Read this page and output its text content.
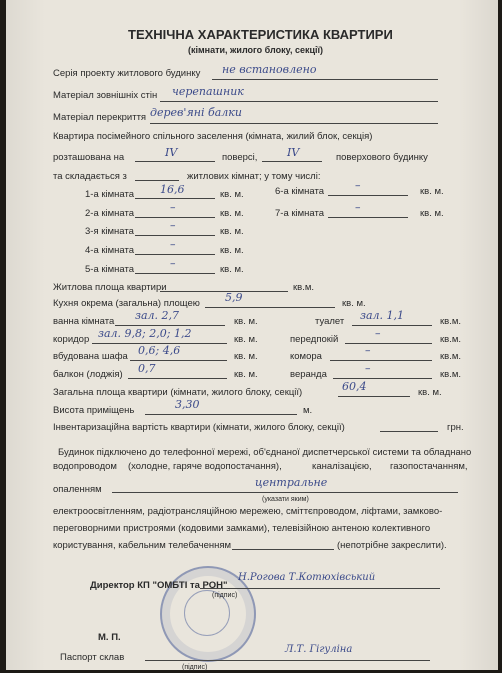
ТЕХНІЧНА ХАРАКТЕРИСТИКА КВАРТИРИ
(кімнати, жилого блоку, секції)
Серія проекту житлового будинку не встановлено
Матеріал зовнішніх стін черепашник
Матеріал перекриття дерев'яні балки
Квартира посімейного спільного заселення (кімната, жилий блок, секція)
розташована на	IV	поверсі,	IV	поверхового будинку
та складається з	житлових кімнат; у тому числі:
1-а кімната 16,6	кв. м.
2-а кімната	–	кв. м.
3-я кімната	–	кв. м.
4-а кімната	–	кв. м.
5-а кімната	–	кв. м.
6-а кімната	–	кв. м.
7-а кімната	–	кв. м.
Житлова площа квартири	кв.м.
Кухня окрема (загальна) площею 5,9	кв. м.
ванна кімната зал. 2,7	кв. м.	туалет зал. 1,1	кв.м.
коридор зал. 9,8; 2,0; 1,2	кв. м.	передпокій	–	кв.м.
вбудована шафа 0,6; 4,6	кв. м.	комора	–	кв.м.
балкон (лоджія) 0,7	кв. м.	веранда	–	кв.м.
Загальна площа квартири (кімнати, жилого блоку, секції)	60,4	кв. м.
Висота приміщень	3,30	м.
Інвентаризаційна вартість квартири (кімнати, жилого блоку, секції)	грн.
Будинок підключено до телефонної мережі, об'єднаної диспетчерської системи та обладнано
водопроводом (холодне, гаряче водопостачання),	каналізацією, газопостачанням,
опаленням
центральне
(указати яким)
електроосвітленням, радіотрансляційною мережею, сміттєпроводом, ліфтами, замково-
переговорними пристроями (кодовими замками), телевізійною антеною колективного
користування, кабельним телебаченням	(непотрібне закреслити).
Директор КП "ОМБТІ та РОН"
Н.Рогова Т.Котюхівський
(підпис)
М. П.
Паспорт склав
Л.Т. Гігуліна
(підпис)
